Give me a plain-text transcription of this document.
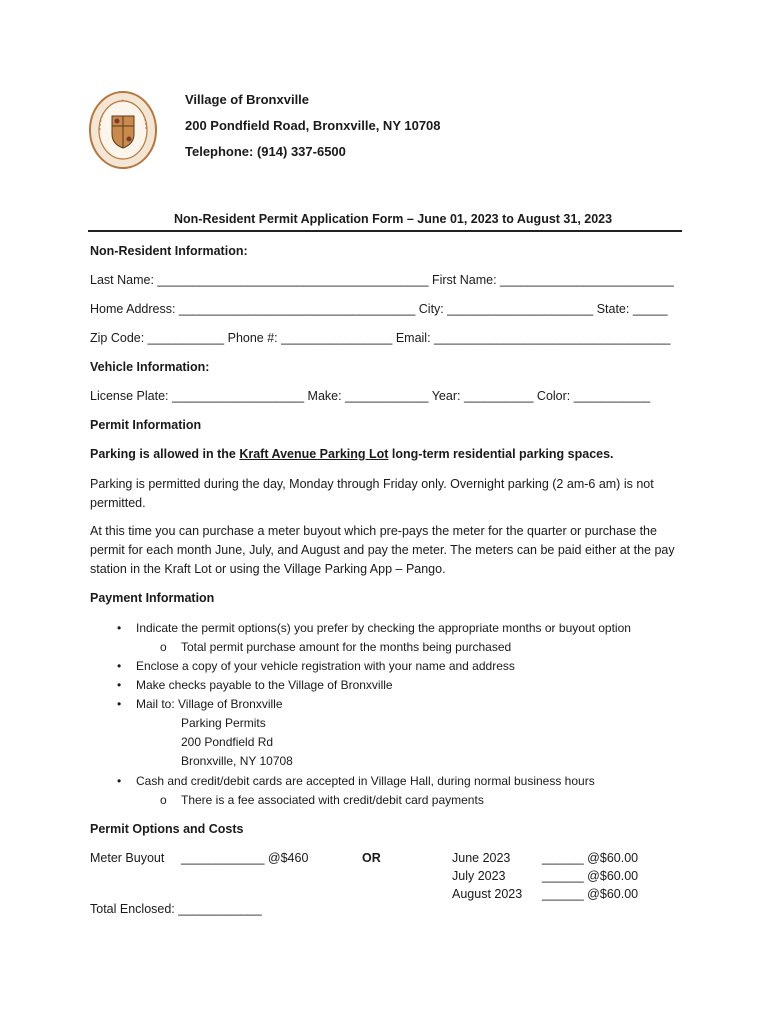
Village of Bronxville
200 Pondfield Road, Bronxville, NY 10708
Telephone: (914) 337-6500
Non-Resident Permit Application Form – June 01, 2023 to August 31, 2023
Non-Resident Information:
Last Name: _______________________________________ First Name: _________________________
Home Address: __________________________________ City: _____________________ State: _____
Zip Code: ___________ Phone #: ________________ Email: __________________________________
Vehicle Information:
License Plate: ___________________ Make: ____________ Year: __________ Color: ___________
Permit Information
Parking is allowed in the Kraft Avenue Parking Lot long-term residential parking spaces.
Parking is permitted during the day, Monday through Friday only. Overnight parking (2 am-6 am) is not permitted.
At this time you can purchase a meter buyout which pre-pays the meter for the quarter or purchase the permit for each month June, July, and August and pay the meter. The meters can be paid either at the pay station in the Kraft Lot or using the Village Parking App – Pango.
Payment Information
• Indicate the permit options(s) you prefer by checking the appropriate months or buyout option
o Total permit purchase amount for the months being purchased
• Enclose a copy of your vehicle registration with your name and address
• Make checks payable to the Village of Bronxville
• Mail to: Village of Bronxville
Parking Permits
200 Pondfield Rd
Bronxville, NY 10708
• Cash and credit/debit cards are accepted in Village Hall, during normal business hours
o There is a fee associated with credit/debit card payments
Permit Options and Costs
Meter Buyout ____________ @$460	OR	June 2023	______ @$60.00
July 2023	______ @$60.00
August 2023 ______ @$60.00
Total Enclosed: ____________
